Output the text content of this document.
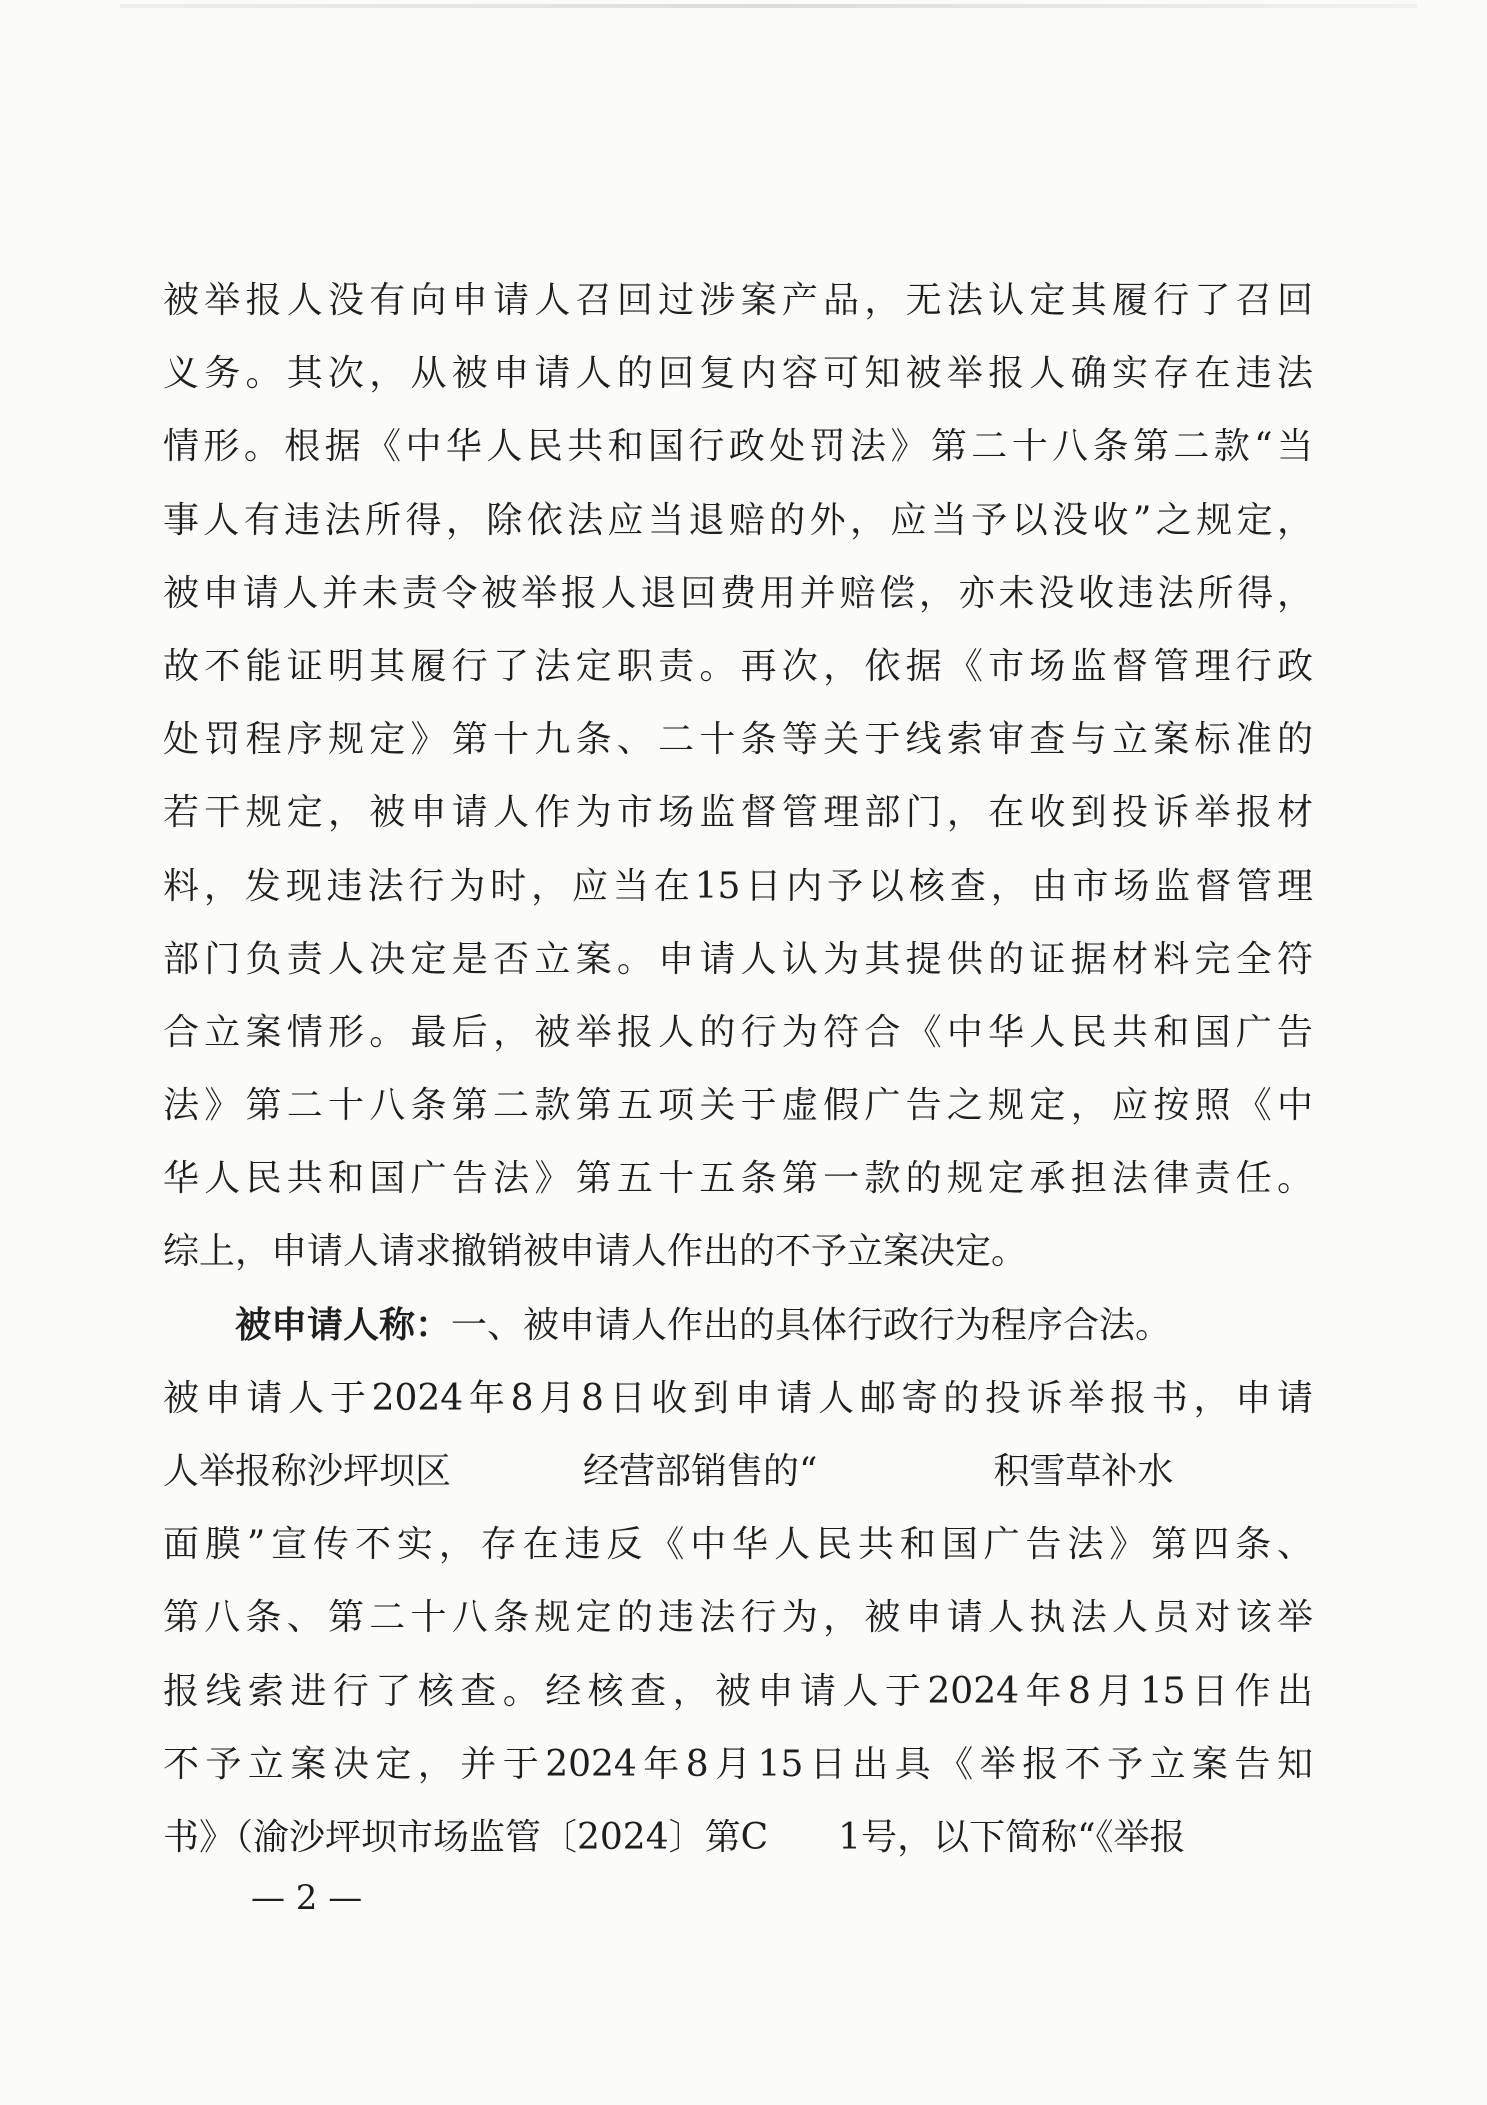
被举报人没有向申请人召回过涉案产品，无法认定其履行了召回
义务。其次，从被申请人的回复内容可知被举报人确实存在违法
情形。根据《中华人民共和国行政处罚法》第二十八条第二款“当
事人有违法所得，除依法应当退赔的外，应当予以没收”之规定，
被申请人并未责令被举报人退回费用并赔偿，亦未没收违法所得，
故不能证明其履行了法定职责。再次，依据《市场监督管理行政
处罚程序规定》第十九条、二十条等关于线索审查与立案标准的
若干规定，被申请人作为市场监督管理部门，在收到投诉举报材
料，发现违法行为时，应当在15日内予以核查，由市场监督管理
部门负责人决定是否立案。申请人认为其提供的证据材料完全符
合立案情形。最后，被举报人的行为符合《中华人民共和国广告
法》第二十八条第二款第五项关于虚假广告之规定，应按照《中
华人民共和国广告法》第五十五条第一款的规定承担法律责任。
综上，申请人请求撤销被申请人作出的不予立案决定。
被申请人称：一、被申请人作出的具体行政行为程序合法。
被申请人于2024年8月8日收到申请人邮寄的投诉举报书，申请
人举报称沙坪坝区	经营部销售的“	积雪草补水
面膜”宣传不实，存在违反《中华人民共和国广告法》第四条、
第八条、第二十八条规定的违法行为，被申请人执法人员对该举
报线索进行了核查。经核查，被申请人于2024年8月15日作出
不予立案决定，并于2024年8月15日出具《举报不予立案告知
书》（渝沙坪坝市场监管〔2024〕第C 1号，以下简称“《举报
— 2 —
